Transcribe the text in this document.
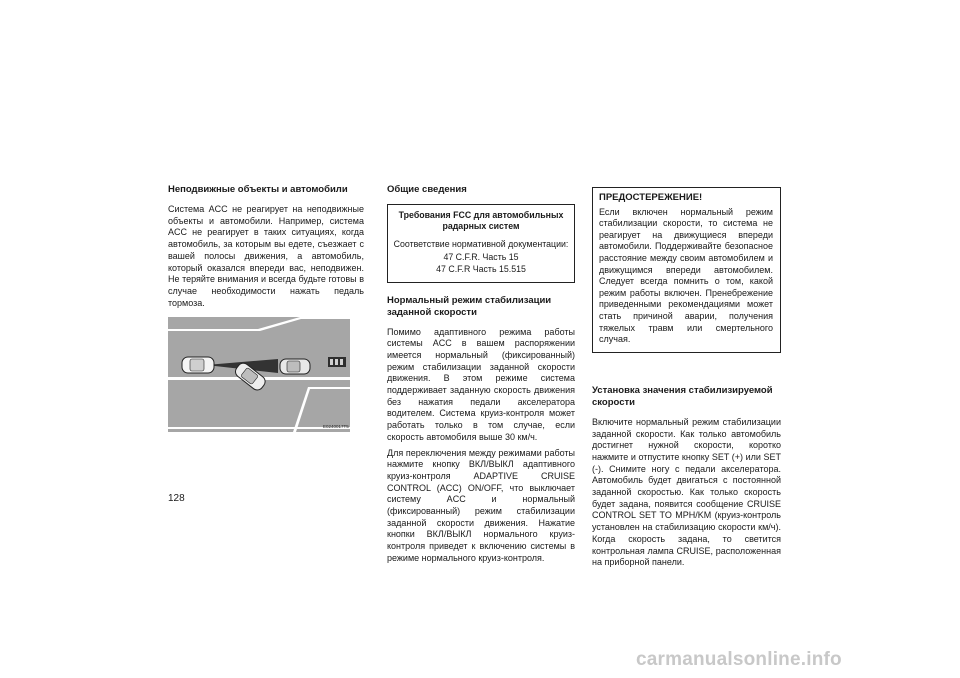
Неподвижные объекты и автомобили

Система ACC не реагирует на неподвижные объекты и автомобили. Например, система ACC не реагирует в таких ситуациях, когда автомобиль, за которым вы едете, съезжает с вашей полосы движения, а автомобиль, который оказался впереди вас, неподвижен. Не теряйте внимания и всегда будьте готовы в случае необходимости нажать педаль тормоза.

E0240017T5
Общие сведения
Требования FCC для автомобильных радарных систем
Соответствие нормативной документации:
47 C.F.R. Часть 15
47 C.F.R Часть 15.515
Нормальный режим стабилизации
заданной скорости

Помимо адаптивного режима работы системы ACC в вашем распоряжении имеется нормальный (фиксированный) режим стабилизации заданной скорости движения. В этом режиме система поддерживает заданную скорость движения без нажатия педали акселератора водителем. Система круиз-контроля может работать только в том случае, если скорость автомобиля выше 30 км/ч.

Для переключения между режимами работы нажмите кнопку ВКЛ/ВЫКЛ адаптивного круиз-контроля ADAPTIVE CRUISE CONTROL (ACC) ON/OFF, что выключает систему ACC и нормальный (фиксированный) режим стабилизации заданной скорости движения. Нажатие кнопки ВКЛ/ВЫКЛ нормального круиз-контроля приведет к включению системы в режиме нормального круиз-контроля.

ПРЕДОСТЕРЕЖЕНИЕ!

Если включен нормальный режим стабилизации скорости, то система не реагирует на движущиеся впереди автомобили. Поддерживайте безопасное расстояние между своим автомобилем и движущимся впереди автомобилем. Следует всегда помнить о том, какой режим работы включен. Пренебрежение приведенными рекомендациями может стать причиной аварии, получения тяжелых травм или смертельного случая.

Установка значения стабилизируемой скорости

Включите нормальный режим стабилизации заданной скорости. Как только автомобиль достигнет нужной скорости, коротко нажмите и отпустите кнопку SET (+) или SET (-). Снимите ногу с педали акселератора. Автомобиль будет двигаться с постоянной заданной скоростью. Как только скорость будет задана, появится сообщение CRUISE CONTROL SET TO MPH/KM (круиз-контроль установлен на стабилизацию скорости км/ч). Когда скорость задана, то светится контрольная лампа CRUISE, расположенная на приборной панели.

128
carmanualsonline.info
